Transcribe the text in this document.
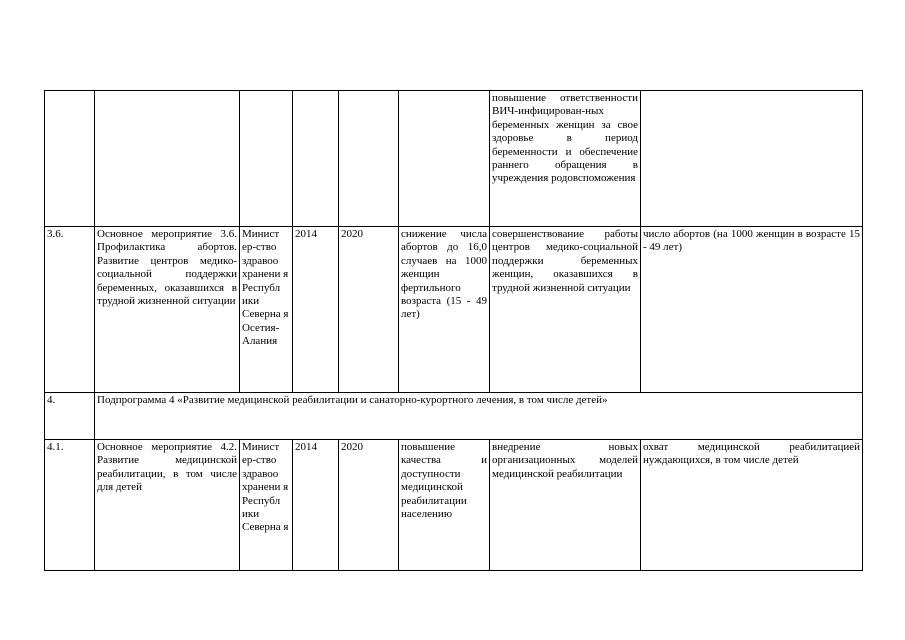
						повышение ответственности ВИЧ-инфицирован-ных беременных женщин за свое здоровье в период беременности и обеспечение раннего обращения в учреждения родовспоможения	
3.6.	Основное мероприятие 3.6. Профилактика абортов. Развитие центров медико-социальной поддержки беременных, оказавшихся в трудной жизненной ситуации	Минист ер-ство здравоо хранени я Республ ики Северна я Осетия-Алания	2014	2020	снижение числа абортов до 16,0 случаев на 1000 женщин фертильного возраста (15 - 49 лет)	совершенствование работы центров медико-социальной поддержки беременных женщин, оказавшихся в трудной жизненной ситуации	число абортов (на 1000 женщин в возрасте 15 - 49 лет)
4.	Подпрограмма 4 «Развитие медицинской реабилитации и санаторно-курортного лечения, в том числе детей»						
4.1.	Основное мероприятие 4.2. Развитие медицинской реабилитации, в том числе для детей	Минист ер-ство здравоо хранени я Республ ики Северна я	2014	2020	повышение качества и доступности медицинской реабилитации населению	внедрение новых организационных моделей медицинской реабилитации	охват медицинской реабилитацией нуждающихся, в том числе детей
